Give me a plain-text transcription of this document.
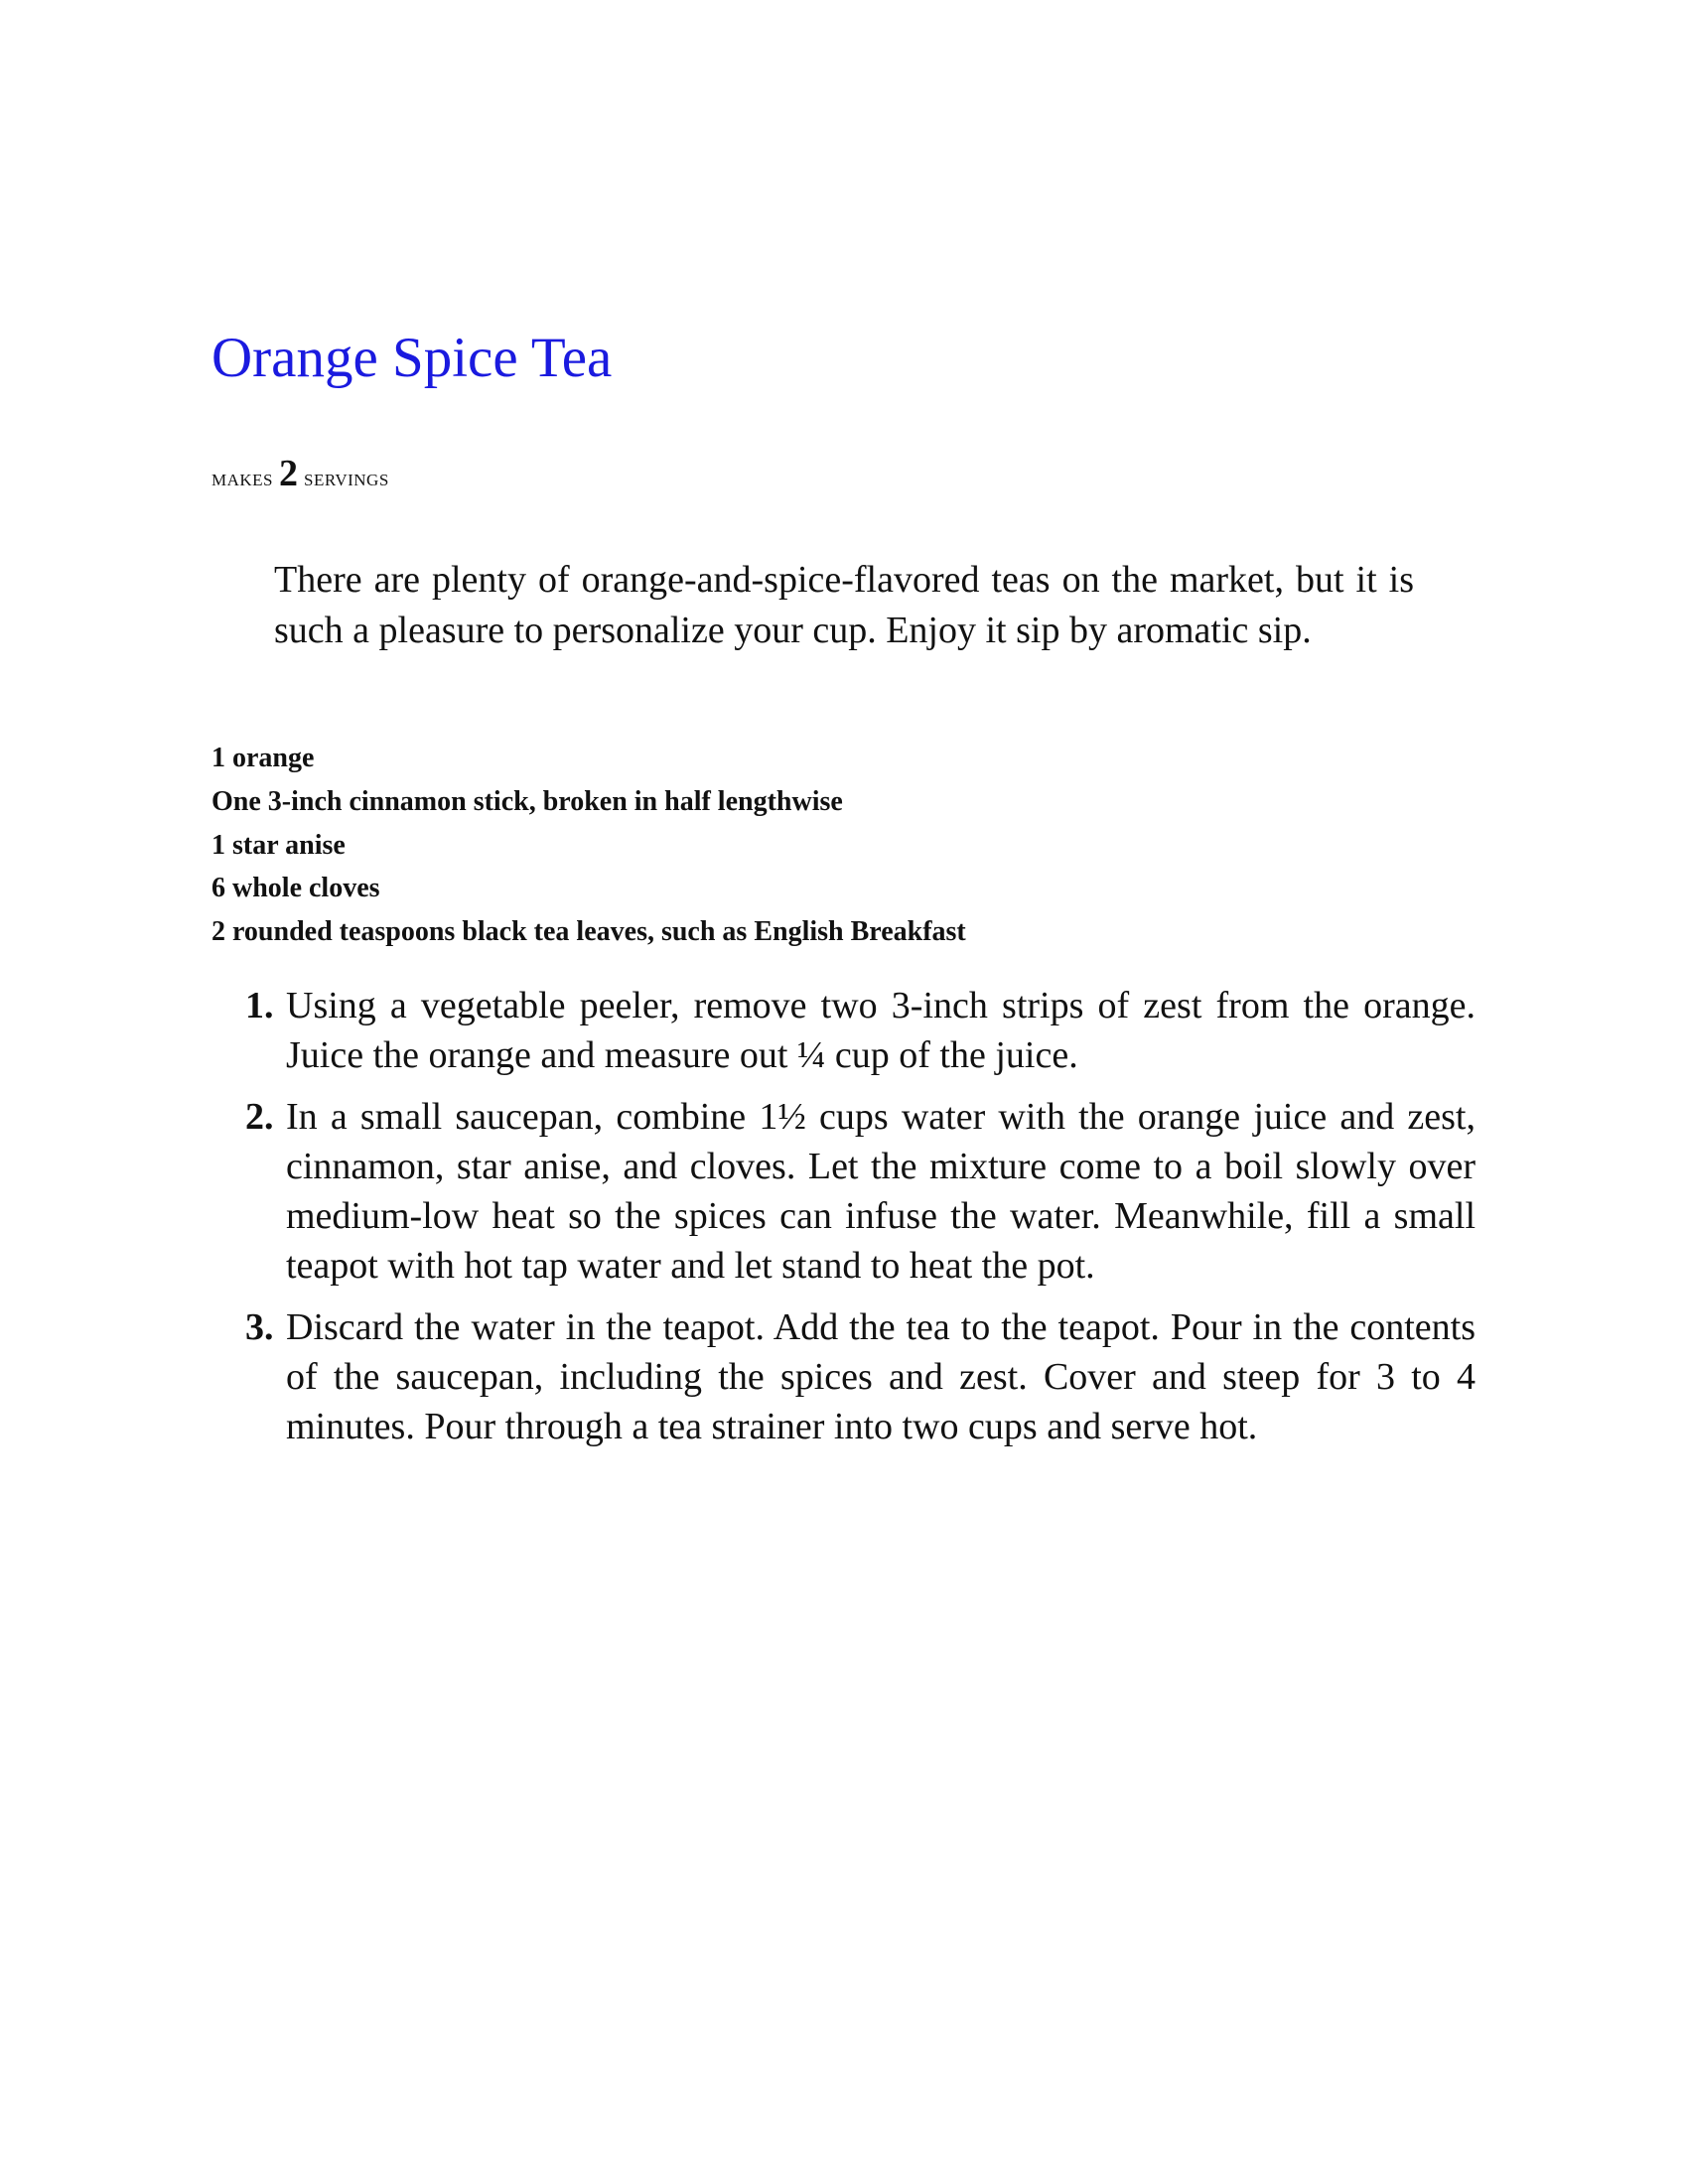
Orange Spice Tea
makes 2 servings

There are plenty of orange-and-spice-flavored teas on the market, but it is such a pleasure to personalize your cup. Enjoy it sip by aromatic sip.

1 orange
One 3-inch cinnamon stick, broken in half lengthwise
1 star anise
6 whole cloves
2 rounded teaspoons black tea leaves, such as English Breakfast
1. Using a vegetable peeler, remove two 3-inch strips of zest from the orange. Juice the orange and measure out ¼ cup of the juice.
2. In a small saucepan, combine 1½ cups water with the orange juice and zest, cinnamon, star anise, and cloves. Let the mixture come to a boil slowly over medium-low heat so the spices can infuse the water. Meanwhile, fill a small teapot with hot tap water and let stand to heat the pot.
3. Discard the water in the teapot. Add the tea to the teapot. Pour in the contents of the saucepan, including the spices and zest. Cover and steep for 3 to 4 minutes. Pour through a tea strainer into two cups and serve hot.
